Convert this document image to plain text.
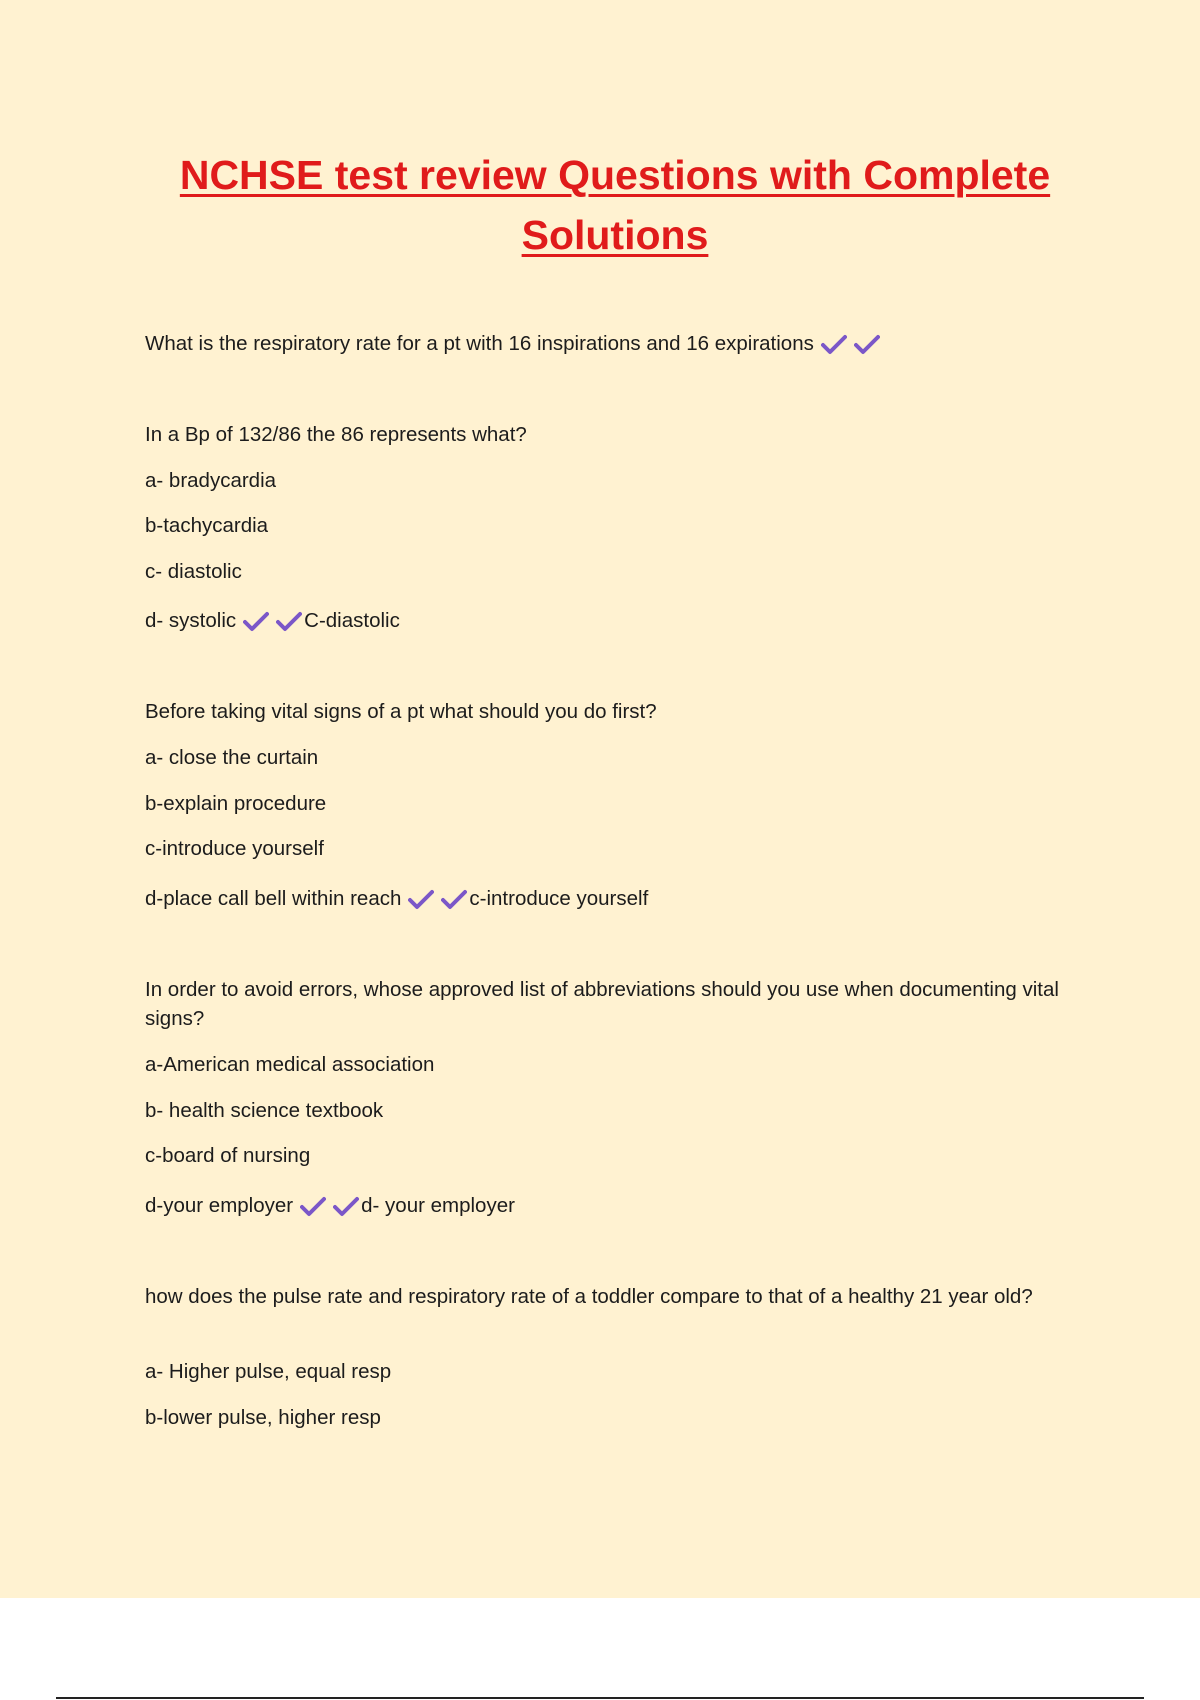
NCHSE test review Questions with Complete Solutions
What is the respiratory rate for a pt with 16 inspirations and 16 expirations
In a Bp of 132/86 the 86 represents what?
a- bradycardia
b-tachycardia
c- diastolic
d- systolic	C-diastolic
Before taking vital signs of a pt what should you do first?
a- close the curtain
b-explain procedure
c-introduce yourself
d-place call bell within reach	c-introduce yourself
In order to avoid errors, whose approved list of abbreviations should you use when documenting vital signs?
a-American medical association
b- health science textbook
c-board of nursing
d-your employer	d- your employer
how does the pulse rate and respiratory rate of a toddler compare to that of a healthy 21 year old?
a- Higher pulse, equal resp
b-lower pulse, higher resp
